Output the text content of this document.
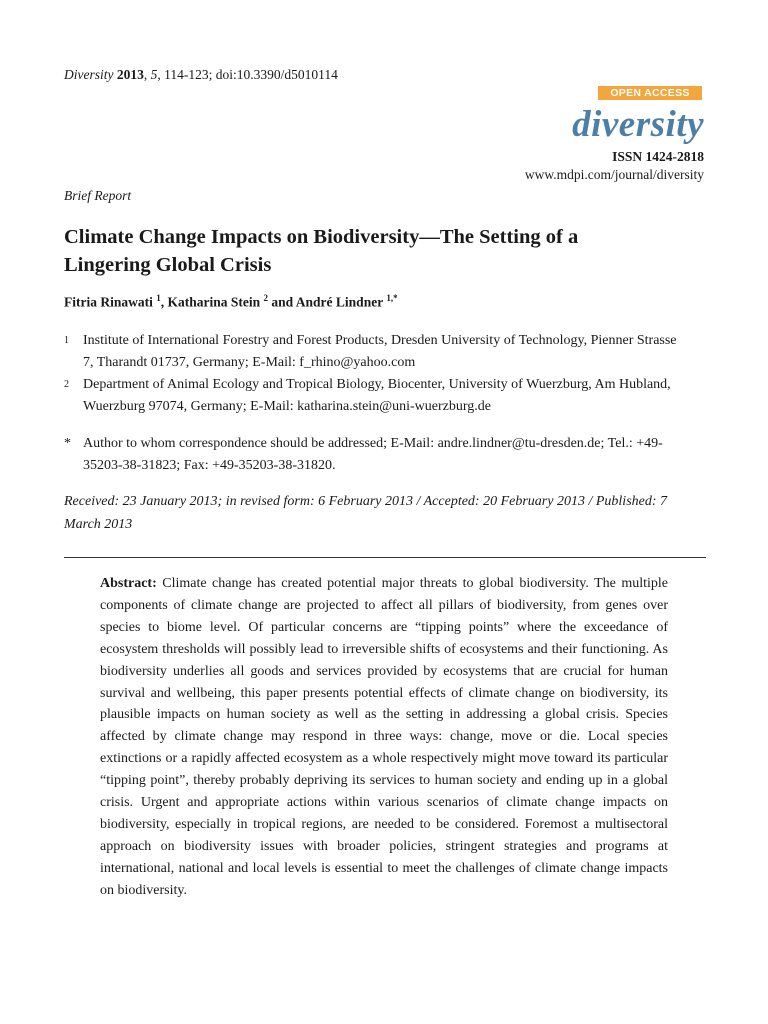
Diversity 2013, 5, 114-123; doi:10.3390/d5010114
OPEN ACCESS
diversity
ISSN 1424-2818
www.mdpi.com/journal/diversity
Brief Report
Climate Change Impacts on Biodiversity—The Setting of a Lingering Global Crisis
Fitria Rinawati $^1$, Katharina Stein $^2$ and André Lindner $^{1,*}$
1 Institute of International Forestry and Forest Products, Dresden University of Technology, Pienner Strasse 7, Tharandt 01737, Germany; E-Mail: f_rhino@yahoo.com
2 Department of Animal Ecology and Tropical Biology, Biocenter, University of Wuerzburg, Am Hubland, Wuerzburg 97074, Germany; E-Mail: katharina.stein@uni-wuerzburg.de
* Author to whom correspondence should be addressed; E-Mail: andre.lindner@tu-dresden.de; Tel.: +49-35203-38-31823; Fax: +49-35203-38-31820.
Received: 23 January 2013; in revised form: 6 February 2013 / Accepted: 20 February 2013 / Published: 7 March 2013

Abstract: Climate change has created potential major threats to global biodiversity. The multiple components of climate change are projected to affect all pillars of biodiversity, from genes over species to biome level. Of particular concerns are “tipping points” where the exceedance of ecosystem thresholds will possibly lead to irreversible shifts of ecosystems and their functioning. As biodiversity underlies all goods and services provided by ecosystems that are crucial for human survival and wellbeing, this paper presents potential effects of climate change on biodiversity, its plausible impacts on human society as well as the setting in addressing a global crisis. Species affected by climate change may respond in three ways: change, move or die. Local species extinctions or a rapidly affected ecosystem as a whole respectively might move toward its particular “tipping point”, thereby probably depriving its services to human society and ending up in a global crisis. Urgent and appropriate actions within various scenarios of climate change impacts on biodiversity, especially in tropical regions, are needed to be considered. Foremost a multisectoral approach on biodiversity issues with broader policies, stringent strategies and programs at international, national and local levels is essential to meet the challenges of climate change impacts on biodiversity.
